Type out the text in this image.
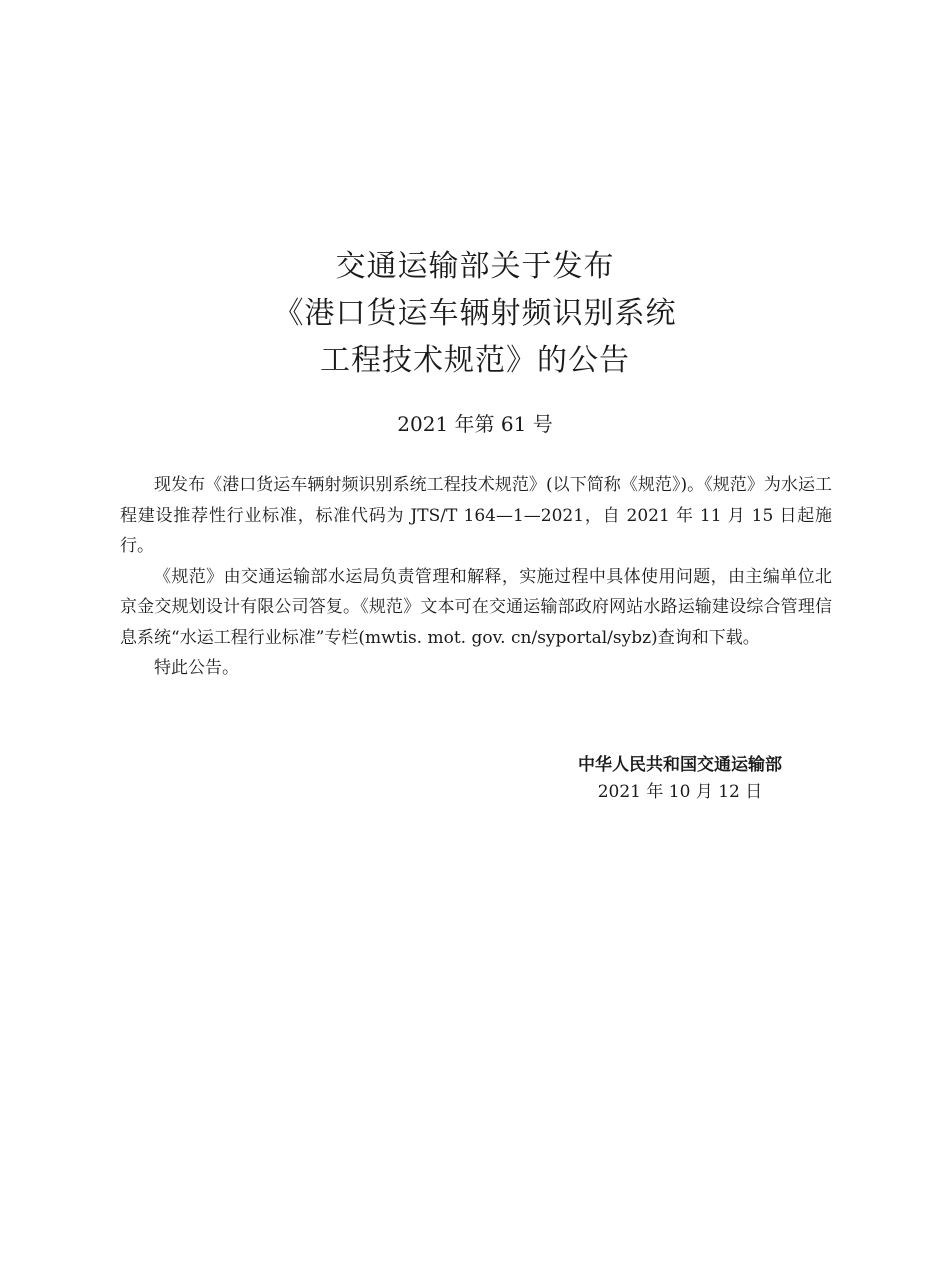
交通运输部关于发布
《港口货运车辆射频识别系统
工程技术规范》的公告
2021 年第 61 号

现发布《港口货运车辆射频识别系统工程技术规范》(以下简称《规范》)。《规范》为水运工程建设推荐性行业标准，标准代码为 JTS/T 164—1—2021，自 2021 年 11 月 15 日起施行。

《规范》由交通运输部水运局负责管理和解释，实施过程中具体使用问题，由主编单位北京金交规划设计有限公司答复。《规范》文本可在交通运输部政府网站水路运输建设综合管理信息系统“水运工程行业标准”专栏(mwtis. mot. gov. cn/syportal/sybz)查询和下载。

特此公告。

中华人民共和国交通运输部
2021 年 10 月 12 日
